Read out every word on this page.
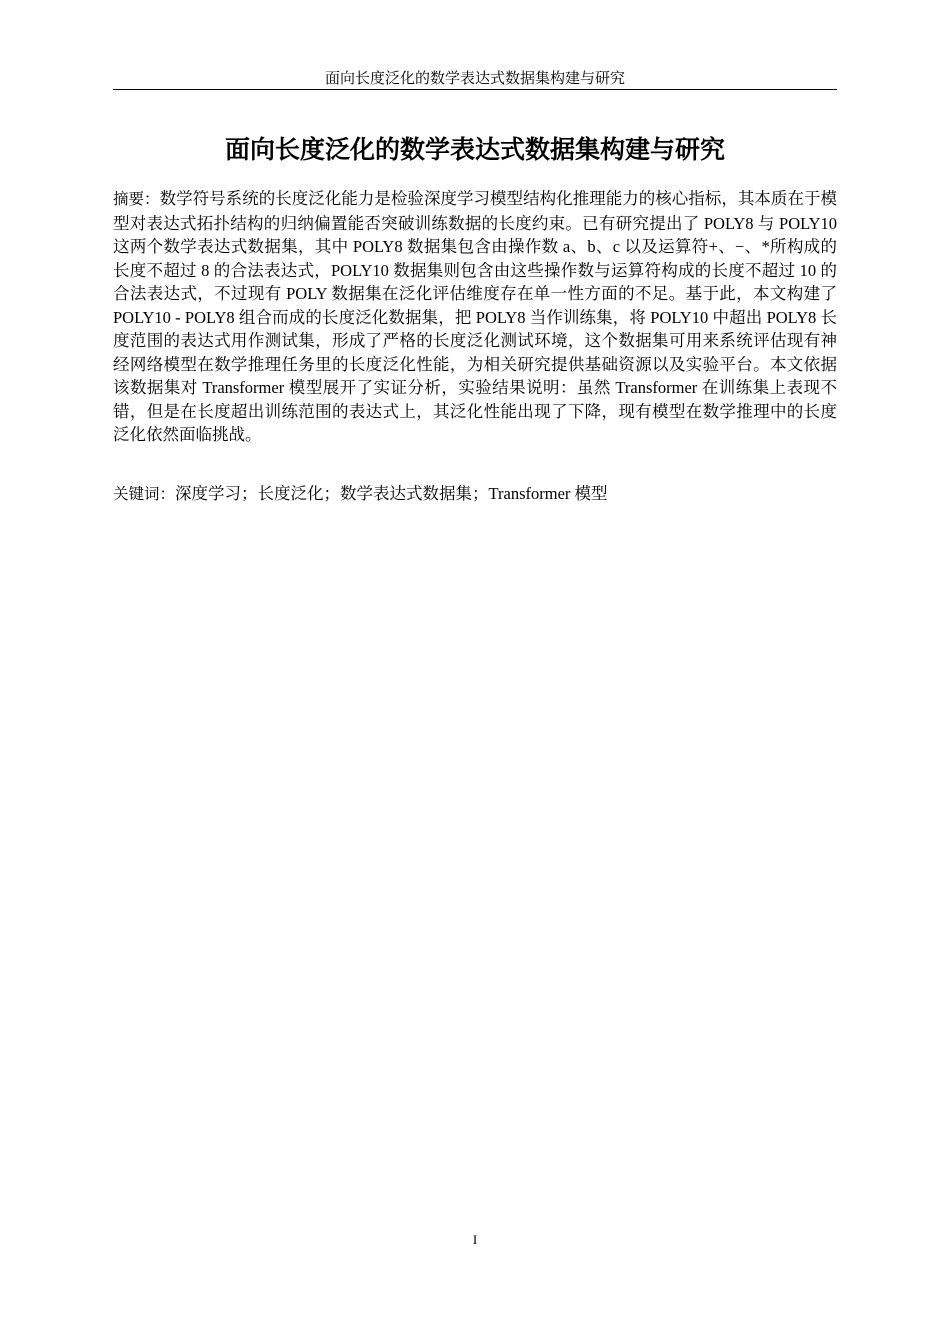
面向长度泛化的数学表达式数据集构建与研究
面向长度泛化的数学表达式数据集构建与研究

摘要：数学符号系统的长度泛化能力是检验深度学习模型结构化推理能力的核心指标，其本质在于模型对表达式拓扑结构的归纳偏置能否突破训练数据的长度约束。已有研究提出了 POLY8 与 POLY10 这两个数学表达式数据集，其中 POLY8 数据集包含由操作数 a、b、c 以及运算符+、−、*所构成的长度不超过 8 的合法表达式，POLY10 数据集则包含由这些操作数与运算符构成的长度不超过 10 的合法表达式，不过现有 POLY 数据集在泛化评估维度存在单一性方面的不足。基于此，本文构建了 POLY10 - POLY8 组合而成的长度泛化数据集，把 POLY8 当作训练集，将 POLY10 中超出 POLY8 长度范围的表达式用作测试集，形成了严格的长度泛化测试环境，这个数据集可用来系统评估现有神经网络模型在数学推理任务里的长度泛化性能，为相关研究提供基础资源以及实验平台。本文依据该数据集对 Transformer 模型展开了实证分析，实验结果说明：虽然 Transformer 在训练集上表现不错，但是在长度超出训练范围的表达式上，其泛化性能出现了下降，现有模型在数学推理中的长度泛化依然面临挑战。

关键词：深度学习；长度泛化；数学表达式数据集；Transformer 模型

I
